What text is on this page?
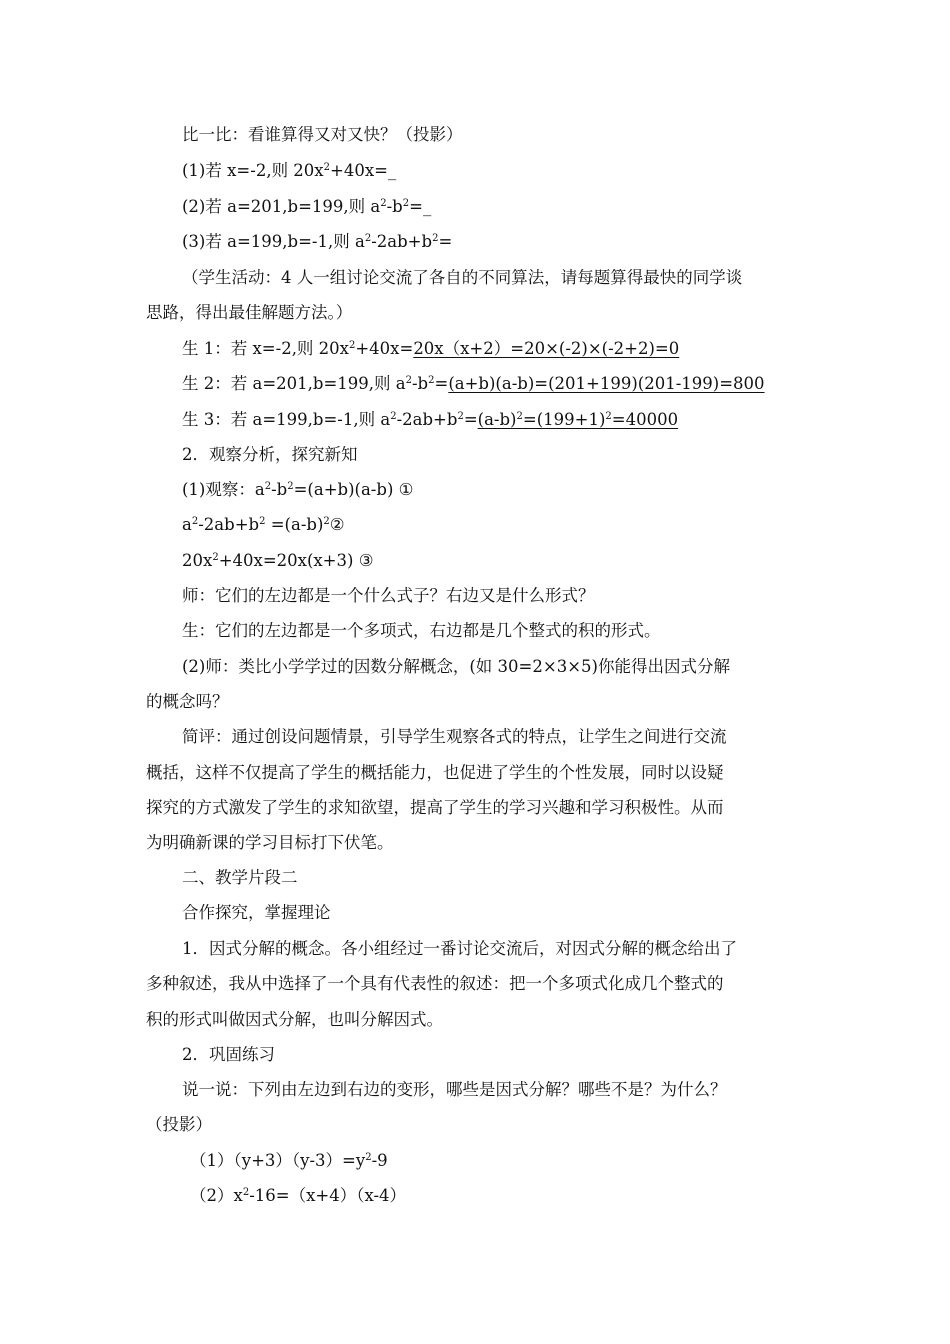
比一比：看谁算得又对又快？（投影）
(1)若 x=-2,则 $20x^2+40x=\_$
(2)若 a=201,b=199,则 $a^2-b^2=\_$
(3)若 a=199,b=-1,则 $a^2-2ab+b^2=$
（学生活动：4 人一组讨论交流了各自的不同算法，请每题算得最快的同学谈
思路，得出最佳解题方法。）
生 1：若 x=-2,则 $20x^2+40x=20x(x+2)=20\times(-2)\times(-2+2)=0$
生 2：若 a=201,b=199,则 $a^2-b^2=(a+b)(a-b)=(201+199)(201-199)=800$
生 3：若 a=199,b=-1,则 $a^2-2ab+b^2=(a-b)^2=(199+1)^2=40000$
2．观察分析，探究新知
(1)观察：$a^2-b^2=(a+b)(a-b)$ ①
$a^2-2ab+b^2$ $=(a-b)^2②$
$20x^2+40x=20x(x+3)$ ③
师：它们的左边都是一个什么式子？右边又是什么形式？
生：它们的左边都是一个多项式，右边都是几个整式的积的形式。
(2)师：类比小学学过的因数分解概念，(如 30=2×3×5)你能得出因式分解
的概念吗？
简评：通过创设问题情景，引导学生观察各式的特点，让学生之间进行交流
概括，这样不仅提高了学生的概括能力，也促进了学生的个性发展，同时以设疑
探究的方式激发了学生的求知欲望，提高了学生的学习兴趣和学习积极性。从而
为明确新课的学习目标打下伏笔。
二、教学片段二
合作探究，掌握理论
1．因式分解的概念。各小组经过一番讨论交流后，对因式分解的概念给出了
多种叙述，我从中选择了一个具有代表性的叙述：把一个多项式化成几个整式的
积的形式叫做因式分解，也叫分解因式。
2．巩固练习
说一说：下列由左边到右边的变形，哪些是因式分解？哪些不是？为什么？
（投影）
$(1)(y+3)(y-3)=y^2-9$
$(2)x^2-16=(x+4)(x-4)$
